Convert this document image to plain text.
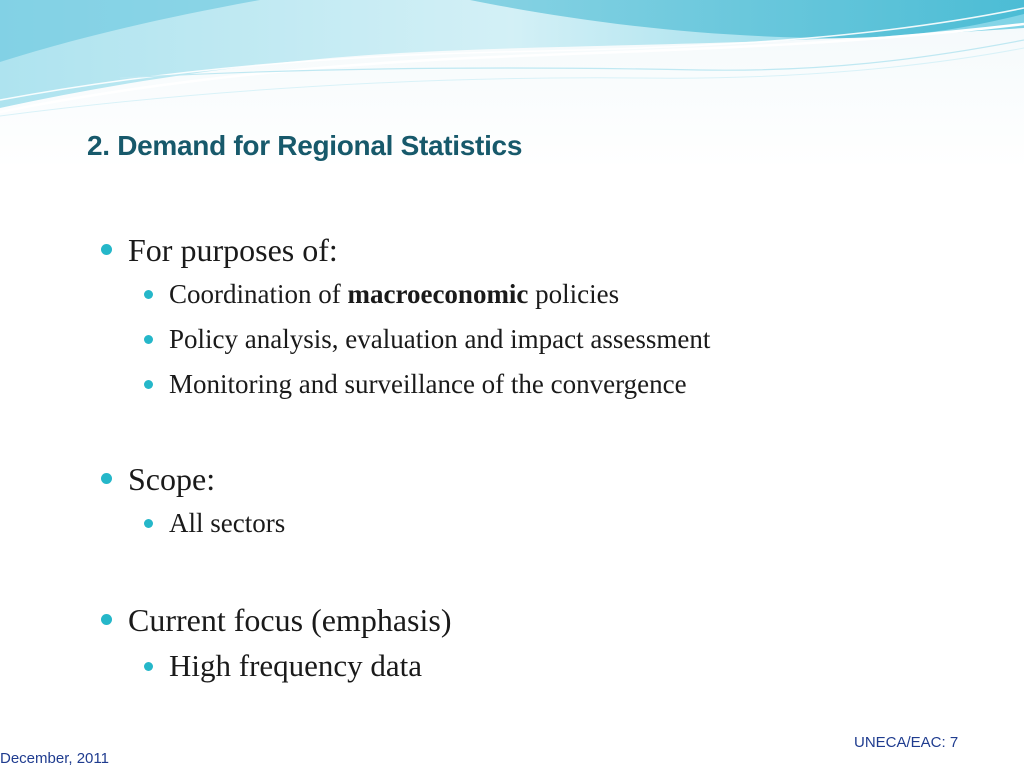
2. Demand for Regional Statistics
For purposes of:
Coordination of macroeconomic policies
Policy analysis, evaluation and impact assessment
Monitoring and surveillance of the convergence
Scope:
All sectors
Current focus (emphasis)
High frequency data
December, 2011
UNECA/EAC: 7
